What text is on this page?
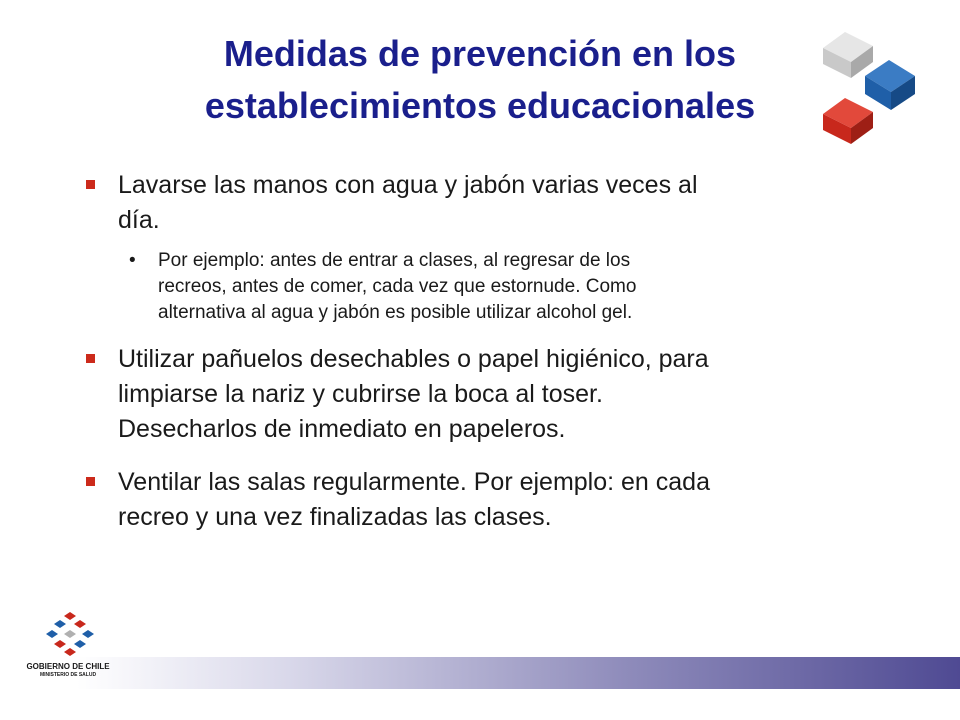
Medidas de prevención en los
establecimientos educacionales
Lavarse las manos con agua y jabón varias veces al
día.
• Por ejemplo: antes de entrar a clases, al regresar de los
recreos, antes de comer, cada vez que estornude. Como
alternativa al agua y jabón es posible utilizar alcohol gel.
Utilizar pañuelos desechables o papel higiénico, para
limpiarse la nariz y cubrirse la boca al toser.
Desecharlos de inmediato en papeleros.
Ventilar las salas regularmente. Por ejemplo: en cada
recreo y una vez finalizadas las clases.
GOBIERNO DE CHILE
MINISTERIO DE SALUD
